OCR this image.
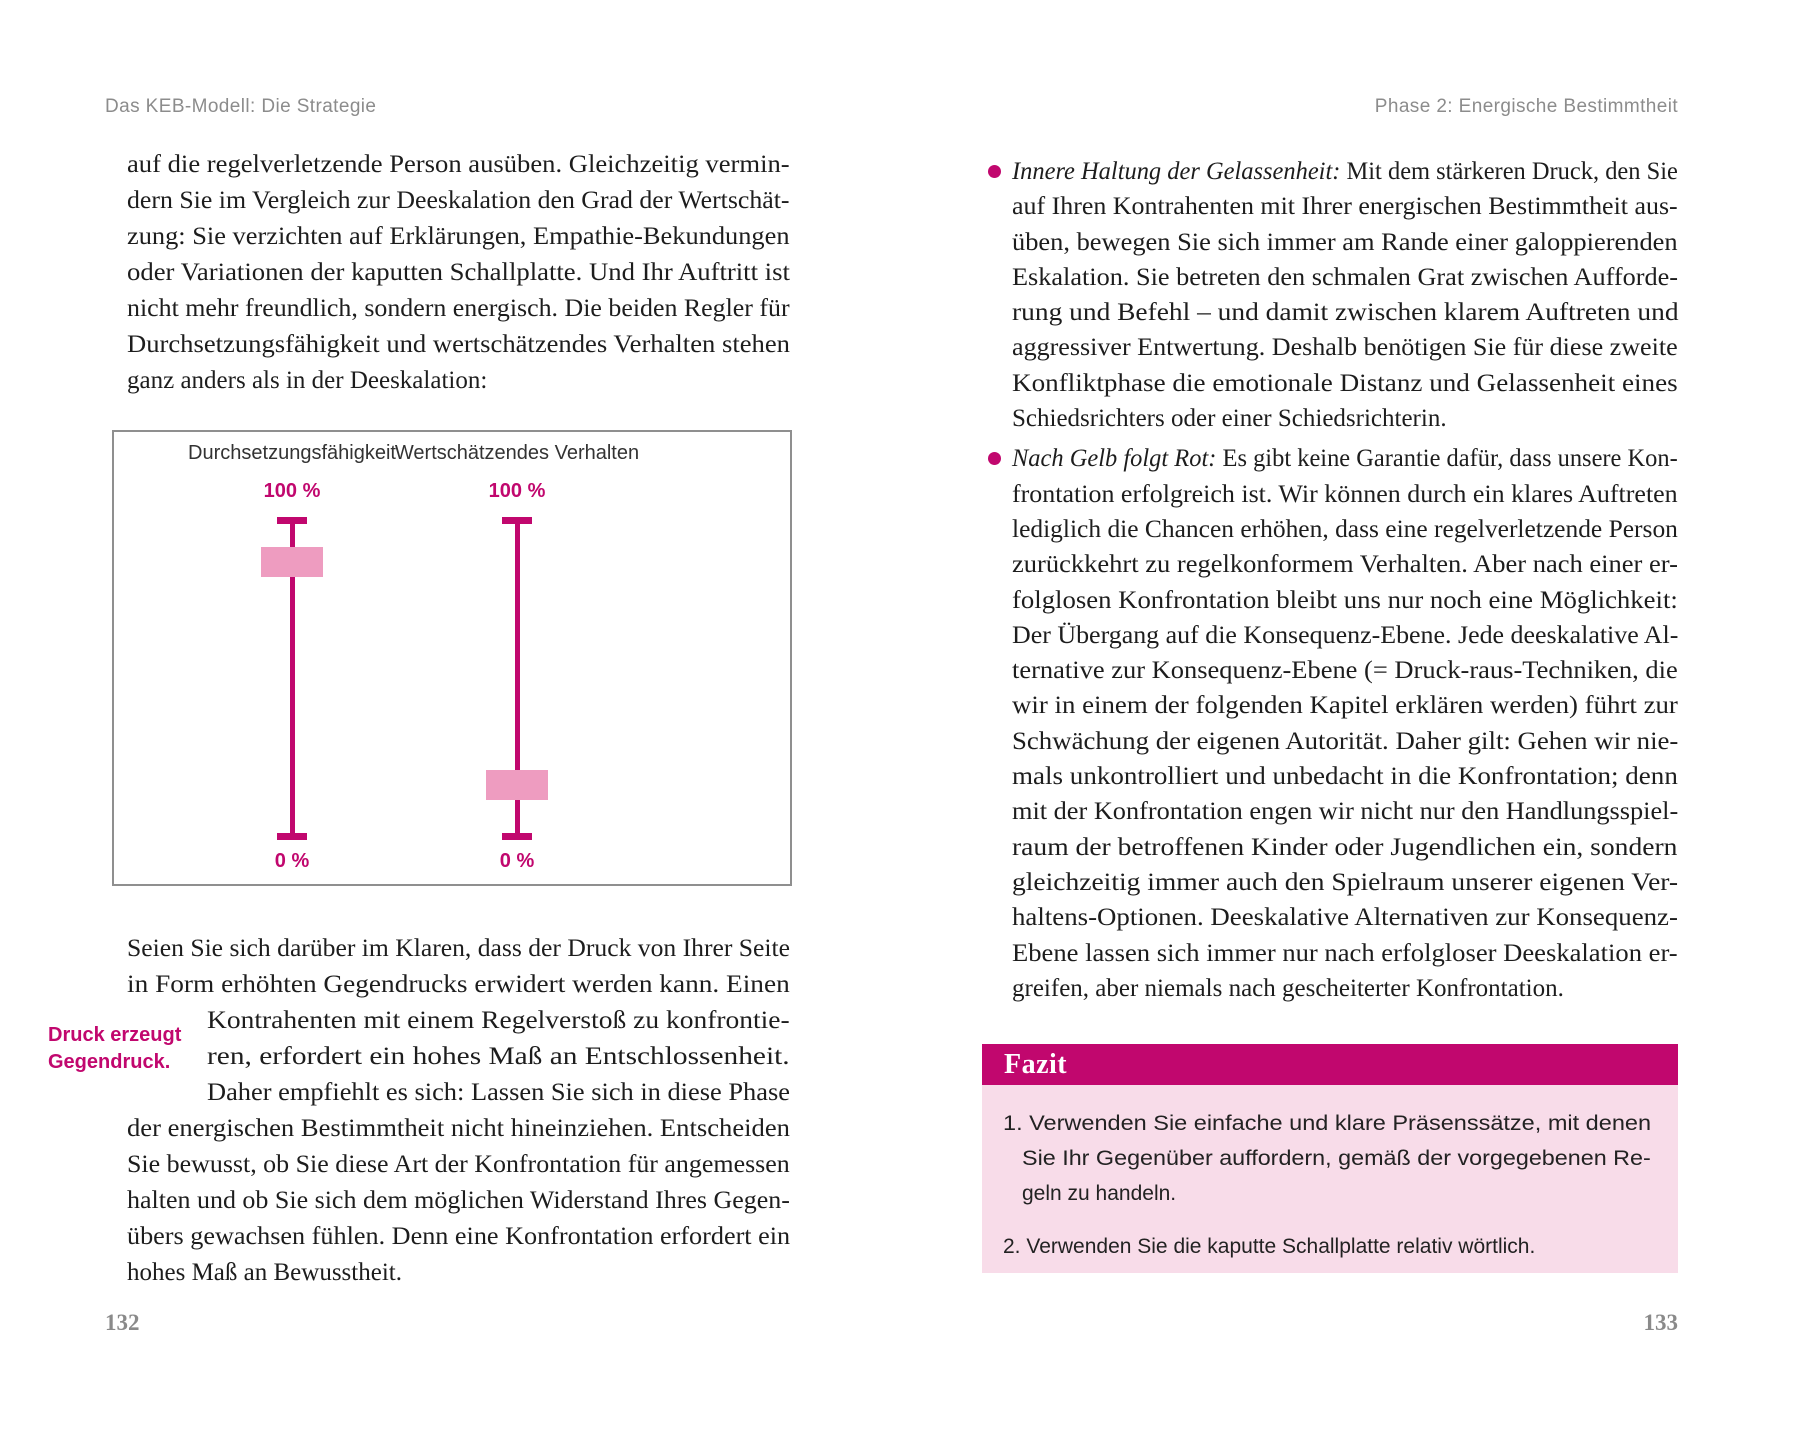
Das KEB-Modell: Die Strategie
auf die regelverletzende Person ausüben. Gleichzeitig vermin-
dern Sie im Vergleich zur Deeskalation den Grad der Wertschät-
zung: Sie verzichten auf Erklärungen, Empathie-Bekundungen
oder Variationen der kaputten Schallplatte. Und Ihr Auftritt ist
nicht mehr freundlich, sondern energisch. Die beiden Regler für
Durchsetzungsfähigkeit und wertschätzendes Verhalten stehen
ganz anders als in der Deeskalation:
Durchsetzungsfähigkeit
100 %
0 %
Wertschätzendes Verhalten
100 %
0 %
Druck erzeugt
Gegendruck.
Seien Sie sich darüber im Klaren, dass der Druck von Ihrer Seite
in Form erhöhten Gegendrucks erwidert werden kann. Einen
Kontrahenten mit einem Regelverstoß zu konfrontie-
ren, erfordert ein hohes Maß an Entschlossenheit.
Daher empfiehlt es sich: Lassen Sie sich in diese Phase
der energischen Bestimmtheit nicht hineinziehen. Entscheiden
Sie bewusst, ob Sie diese Art der Konfrontation für angemessen
halten und ob Sie sich dem möglichen Widerstand Ihres Gegen-
übers gewachsen fühlen. Denn eine Konfrontation erfordert ein
hohes Maß an Bewusstheit.
132
Phase 2: Energische Bestimmtheit
Innere Haltung der Gelassenheit: Mit dem stärkeren Druck, den Sie
auf Ihren Kontrahenten mit Ihrer energischen Bestimmtheit aus-
üben, bewegen Sie sich immer am Rande einer galoppierenden
Eskalation. Sie betreten den schmalen Grat zwischen Aufforde-
rung und Befehl – und damit zwischen klarem Auftreten und
aggressiver Entwertung. Deshalb benötigen Sie für diese zweite
Konfliktphase die emotionale Distanz und Gelassenheit eines
Schiedsrichters oder einer Schiedsrichterin.
Nach Gelb folgt Rot: Es gibt keine Garantie dafür, dass unsere Kon-
frontation erfolgreich ist. Wir können durch ein klares Auftreten
lediglich die Chancen erhöhen, dass eine regelverletzende Person
zurückkehrt zu regelkonformem Verhalten. Aber nach einer er-
folglosen Konfrontation bleibt uns nur noch eine Möglichkeit:
Der Übergang auf die Konsequenz-Ebene. Jede deeskalative Al-
ternative zur Konsequenz-Ebene (= Druck-raus-Techniken, die
wir in einem der folgenden Kapitel erklären werden) führt zur
Schwächung der eigenen Autorität. Daher gilt: Gehen wir nie-
mals unkontrolliert und unbedacht in die Konfrontation; denn
mit der Konfrontation engen wir nicht nur den Handlungsspiel-
raum der betroffenen Kinder oder Jugendlichen ein, sondern
gleichzeitig immer auch den Spielraum unserer eigenen Ver-
haltens-Optionen. Deeskalative Alternativen zur Konsequenz-
Ebene lassen sich immer nur nach erfolgloser Deeskalation er-
greifen, aber niemals nach gescheiterter Konfrontation.
Fazit
1. Verwenden Sie einfache und klare Präsenssätze, mit denen
Sie Ihr Gegenüber auffordern, gemäß der vorgegebenen Re-
geln zu handeln.
2. Verwenden Sie die kaputte Schallplatte relativ wörtlich.
133
